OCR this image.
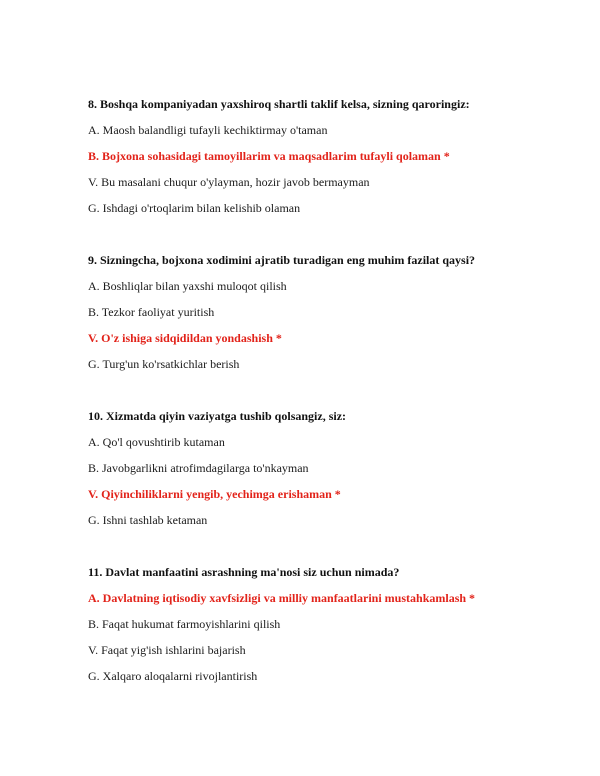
8. Boshqa kompaniyadan yaxshiroq shartli taklif kelsa, sizning qaroringiz:
A. Maosh balandligi tufayli kechiktirmay o'taman
B. Bojxona sohasidagi tamoyillarim va maqsadlarim tufayli qolaman *
V. Bu masalani chuqur o'ylayman, hozir javob bermayman
G. Ishdagi o'rtoqlarim bilan kelishib olaman
9. Sizningcha, bojxona xodimini ajratib turadigan eng muhim fazilat qaysi?
A. Boshliqlar bilan yaxshi muloqot qilish
B. Tezkor faoliyat yuritish
V. O'z ishiga sidqidildan yondashish *
G. Turg'un ko'rsatkichlar berish
10. Xizmatda qiyin vaziyatga tushib qolsangiz, siz:
A. Qo'l qovushtirib kutaman
B. Javobgarlikni atrofimdagilarga to'nkayman
V. Qiyinchiliklarni yengib, yechimga erishaman *
G. Ishni tashlab ketaman
11. Davlat manfaatini asrashning ma'nosi siz uchun nimada?
A. Davlatning iqtisodiy xavfsizligi va milliy manfaatlarini mustahkamlash *
B. Faqat hukumat farmoyishlarini qilish
V. Faqat yig'ish ishlarini bajarish
G. Xalqaro aloqalarni rivojlantirish
